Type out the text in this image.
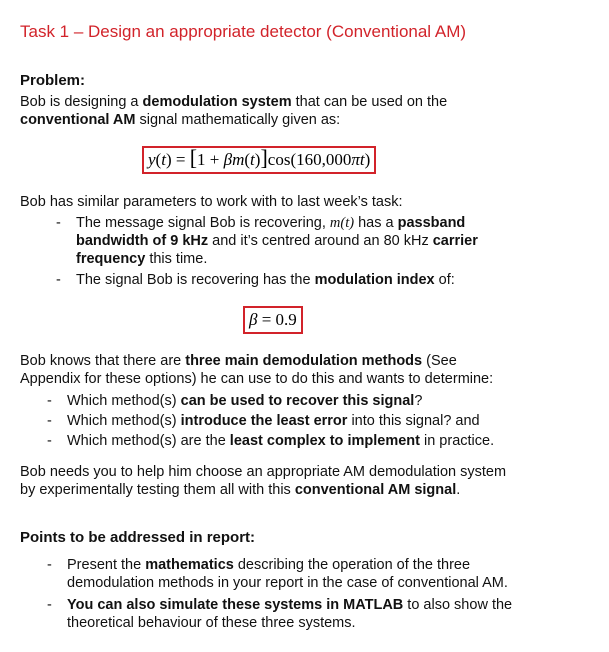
Task 1 – Design an appropriate detector (Conventional AM)
Problem:
Bob is designing a demodulation system that can be used on the
conventional AM signal mathematically given as:
y(t) = [1 + βm(t)]cos(160,000πt)
Bob has similar parameters to work with to last week’s task:
- The message signal Bob is recovering, m(t) has a passband
bandwidth of 9 kHz and it’s centred around an 80 kHz carrier
frequency this time.
- The signal Bob is recovering has the modulation index of:
β = 0.9
Bob knows that there are three main demodulation methods (See
Appendix for these options) he can use to do this and wants to determine:
- Which method(s) can be used to recover this signal?
- Which method(s) introduce the least error into this signal? and
- Which method(s) are the least complex to implement in practice.
Bob needs you to help him choose an appropriate AM demodulation system
by experimentally testing them all with this conventional AM signal.
Points to be addressed in report:
- Present the mathematics describing the operation of the three
demodulation methods in your report in the case of conventional AM.
- You can also simulate these systems in MATLAB to also show the
theoretical behaviour of these three systems.
